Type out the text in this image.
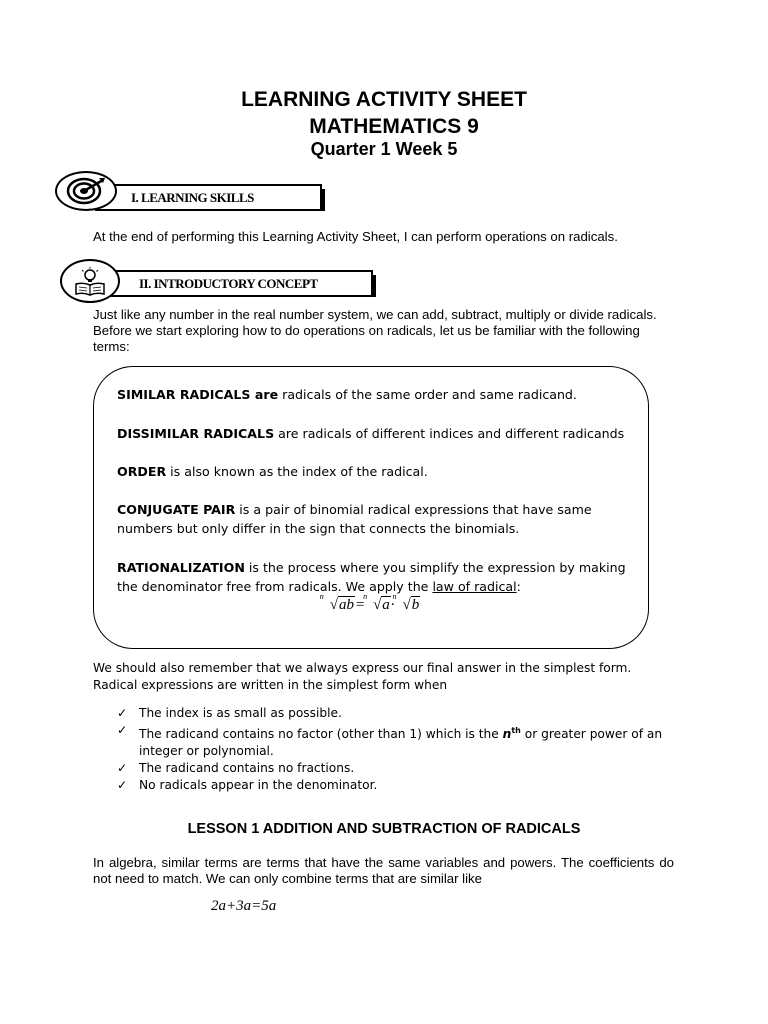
LEARNING ACTIVITY SHEET
MATHEMATICS 9
Quarter 1 Week 5
I. LEARNING SKILLS
At the end of performing this Learning Activity Sheet, I can perform operations on radicals.
II. INTRODUCTORY CONCEPT
Just like any number in the real number system, we can add, subtract, multiply or divide radicals. Before we start exploring how to do operations on radicals, let us be familiar with the following terms:
SIMILAR RADICALS are radicals of the same order and same radicand.
DISSIMILAR RADICALS are radicals of different indices and different radicands
ORDER is also known as the index of the radical.
CONJUGATE PAIR is a pair of binomial radical expressions that have same numbers but only differ in the sign that connects the binomials.
RATIONALIZATION is the process where you simplify the expression by making the denominator free from radicals. We apply the law of radical:
n
√ab=
n
√a·
n
√b
We should also remember that we always express our final answer in the simplest form. Radical expressions are written in the simplest form when
✓ The index is as small as possible.
✓ The radicand contains no factor (other than 1) which is the $n^{th}$ or greater power of an integer or polynomial.
✓ The radicand contains no fractions.
✓ No radicals appear in the denominator.
LESSON 1 ADDITION AND SUBTRACTION OF RADICALS
In algebra, similar terms are terms that have the same variables and powers. The coefficients do not need to match. We can only combine terms that are similar like
2a+3a=5a
